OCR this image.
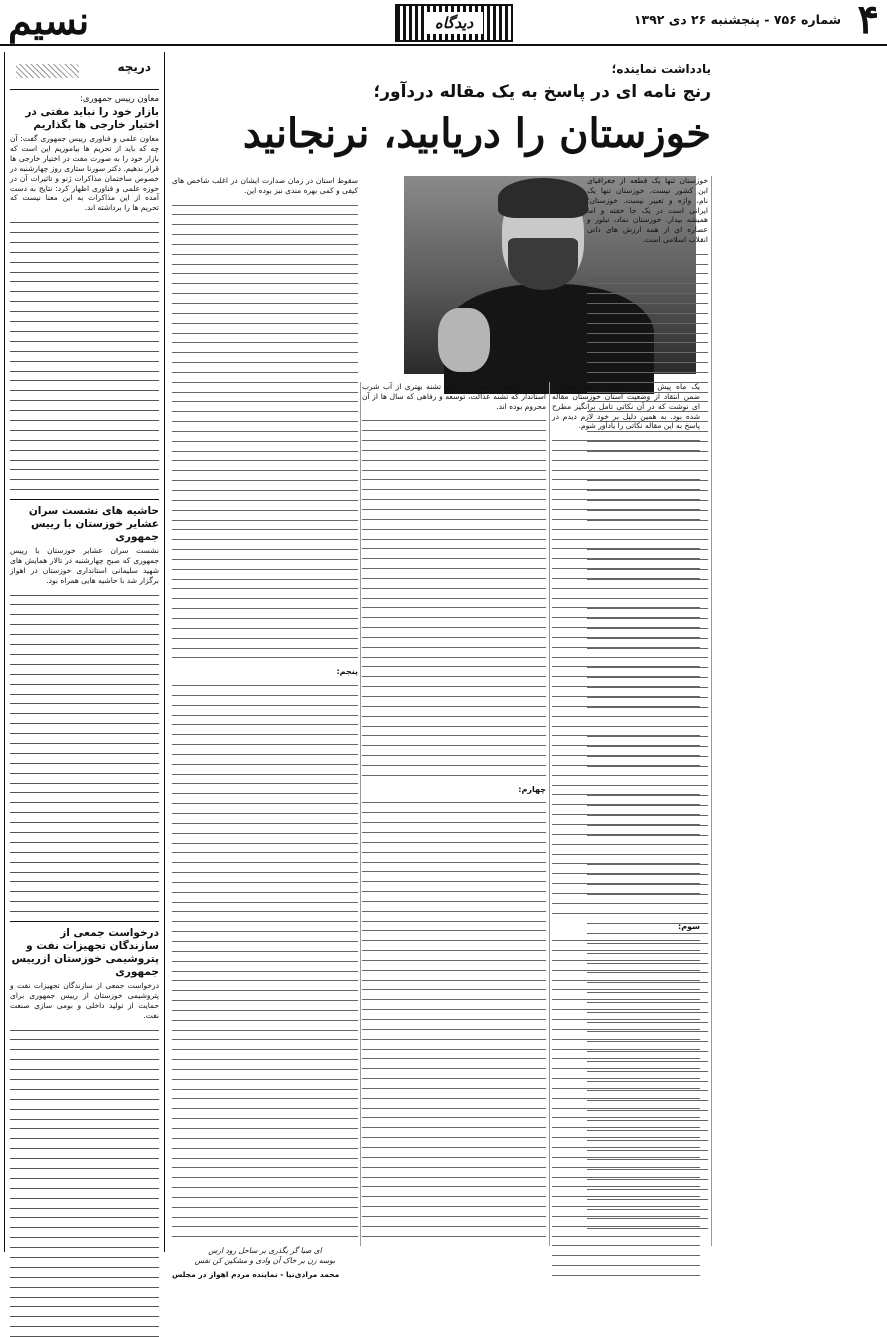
۴
شماره ۷۵۶ - پنجشنبه ۲۶ دی ۱۳۹۲
دیدگاه
نسیم
دریچه
معاون رییس جمهوری:
بازار خود را نباید مفتی در اختیار خارجی ها بگذاریم
معاون علمی و فناوری رییس جمهوری گفت: آن چه که باید از تحریم ها بیاموزیم این است که بازار خود را به صورت مفت در اختیار خارجی ها قرار ندهیم. دکتر سورنا ستاری روز چهارشنبه در خصوص ساختمان مذاکرات ژنو و تاثیرات آن در حوزه علمی و فناوری اظهار کرد: نتایج به دست آمده از این مذاکرات به این معنا نیست که تحریم ها را برداشته اند.
حاشیه های نشست سران عشایر خوزستان با رییس جمهوری
نشست سران عشایر خوزستان با رییس جمهوری که صبح چهارشنبه در تالار همایش های شهید سلیمانی استانداری خوزستان در اهواز برگزار شد با حاشیه هایی همراه بود.
درخواست جمعی از سازندگان تجهیزات نفت و پتروشیمی خوزستان ازرییس جمهوری
درخواست جمعی از سازندگان تجهیزات نفت و پتروشیمی خوزستان از رییس جمهوری برای حمایت از تولید داخلی و بومی سازی صنعت نفت.
یادداشت نماینده؛
رنج نامه ای در پاسخ به یک مقاله دردآور؛
خوزستان را دریابید، نرنجانید

خوزستان تنها یک قطعه از جغرافیای این کشور نیست. خوزستان تنها یک نام، واژه و تعبیر نیست. خوزستان؛ ایرانی است در یک جا خفته و اما همیشه بیدار. خوزستان نماد، تبلور و عصاره ای از همه ارزش های ذاتی انقلاب اسلامی است.

یک ماه پیش یکی از اعضای جبهه اصلاحات ضمن انتقاد از وضعیت استان خوزستان مقاله ای نوشت که در آن نکاتی تامل برانگیز مطرح شده بود. به همین دلیل بر خود لازم دیدم در پاسخ به این مقاله نکاتی را یادآور شوم.

سوم:

مردم خوزستان تشنه اند نه تنها تشنه بهتری از آب شرب استاندار که تشنه عدالت، توسعه و رفاهی که سال ها از آن محروم بوده اند.

چهارم:

سقوط استان در زمان صدارت ایشان در اغلب شاخص های کیفی و کمی بهره مندی نیز بوده این.

پنجم:
ای صبا گر بگذری بر ساحل رود ارس
بوسه زن بر خاک آن وادی و مشکین کن نفس
محمد مرادی‌نیا - نماینده مردم اهواز در مجلس
